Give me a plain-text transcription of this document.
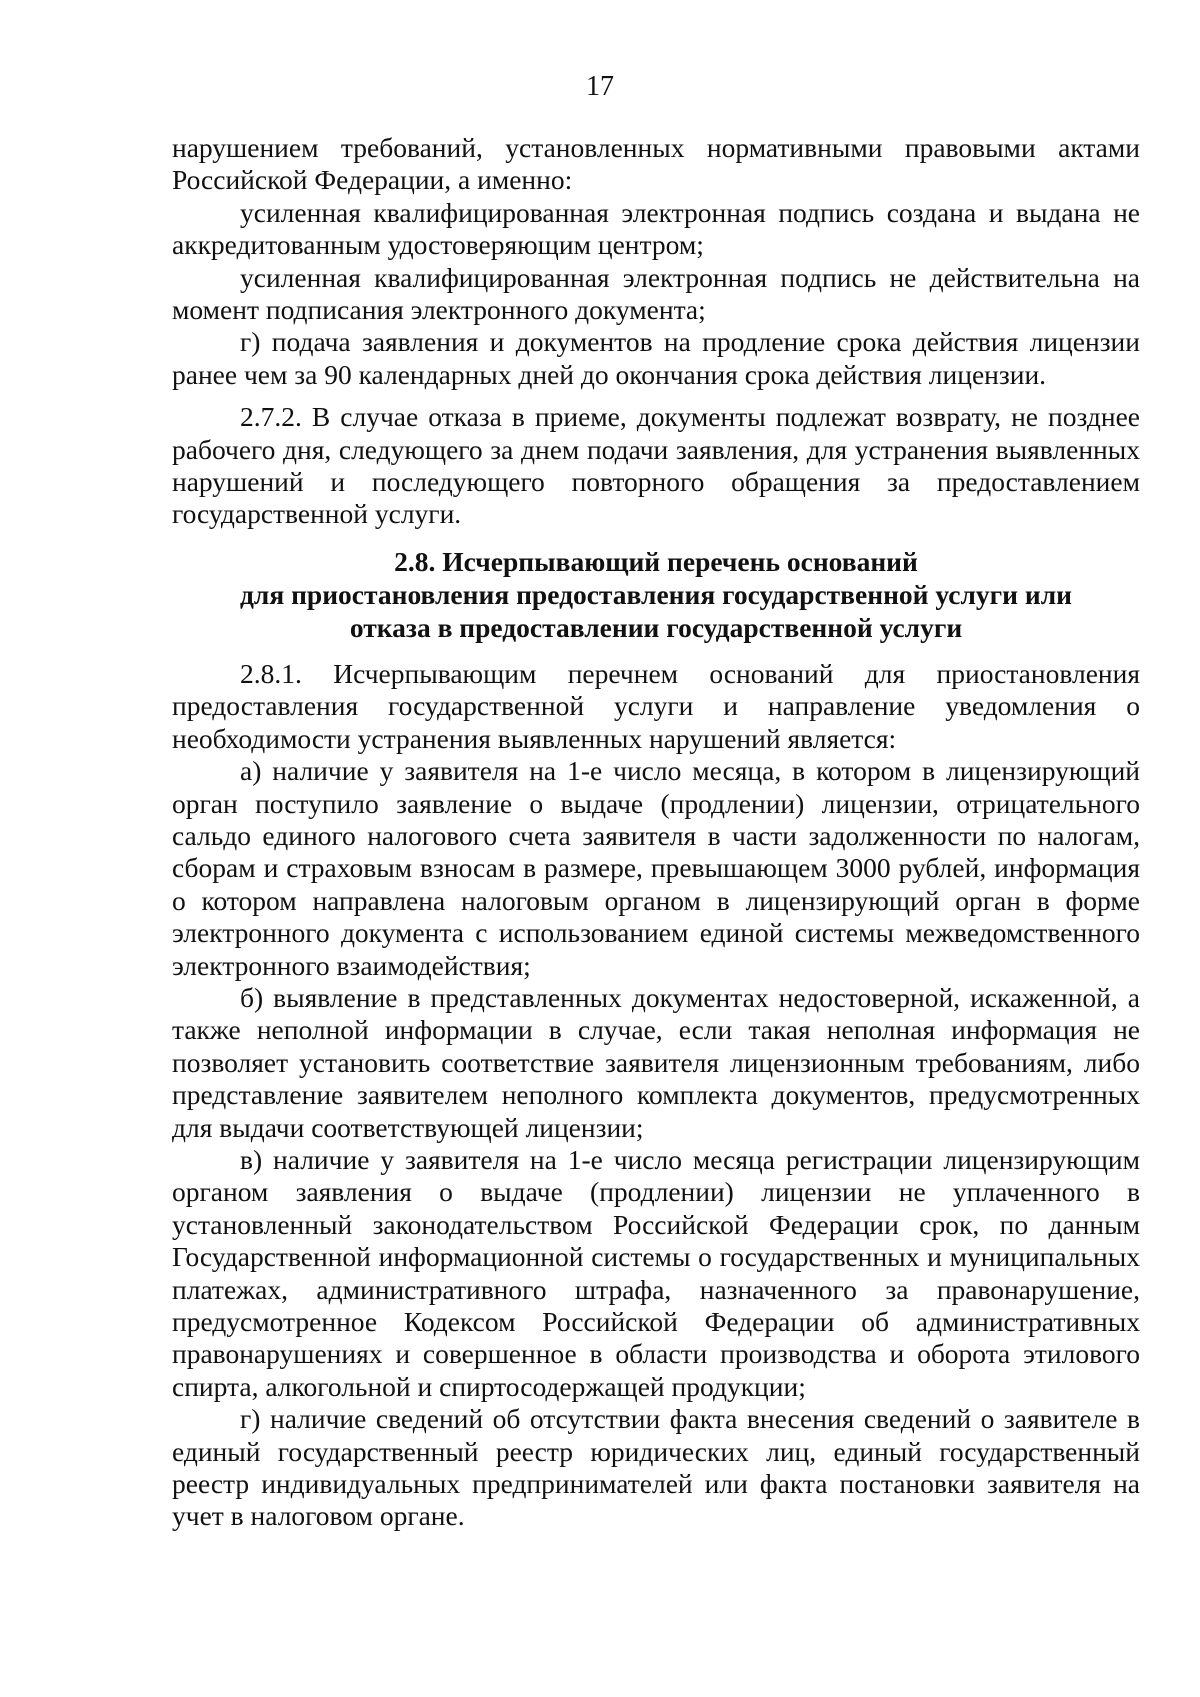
17

нарушением требований, установленных нормативными правовыми актами Российской Федерации, а именно:

усиленная квалифицированная электронная подпись создана и выдана не аккредитованным удостоверяющим центром;

усиленная квалифицированная электронная подпись не действительна на момент подписания электронного документа;

г) подача заявления и документов на продление срока действия лицензии ранее чем за 90 календарных дней до окончания срока действия лицензии.

2.7.2. В случае отказа в приеме, документы подлежат возврату, не позднее рабочего дня, следующего за днем подачи заявления, для устранения выявленных нарушений и последующего повторного обращения за предоставлением государственной услуги.

2.8. Исчерпывающий перечень оснований
для приостановления предоставления государственной услуги или
отказа в предоставлении государственной услуги

2.8.1. Исчерпывающим перечнем оснований для приостановления предоставления государственной услуги и направление уведомления о необходимости устранения выявленных нарушений является:

а) наличие у заявителя на 1-е число месяца, в котором в лицензирующий орган поступило заявление о выдаче (продлении) лицензии, отрицательного сальдо единого налогового счета заявителя в части задолженности по налогам, сборам и страховым взносам в размере, превышающем 3000 рублей, информация о котором направлена налоговым органом в лицензирующий орган в форме электронного документа с использованием единой системы межведомственного электронного взаимодействия;

б) выявление в представленных документах недостоверной, искаженной, а также неполной информации в случае, если такая неполная информация не позволяет установить соответствие заявителя лицензионным требованиям, либо представление заявителем неполного комплекта документов, предусмотренных для выдачи соответствующей лицензии;

в) наличие у заявителя на 1-е число месяца регистрации лицензирующим органом заявления о выдаче (продлении) лицензии не уплаченного в установленный законодательством Российской Федерации срок, по данным Государственной информационной системы о государственных и муниципальных платежах, административного штрафа, назначенного за правонарушение, предусмотренное Кодексом Российской Федерации об административных правонарушениях и совершенное в области производства и оборота этилового спирта, алкогольной и спиртосодержащей продукции;

г) наличие сведений об отсутствии факта внесения сведений о заявителе в единый государственный реестр юридических лиц, единый государственный реестр индивидуальных предпринимателей или факта постановки заявителя на учет в налоговом органе.
